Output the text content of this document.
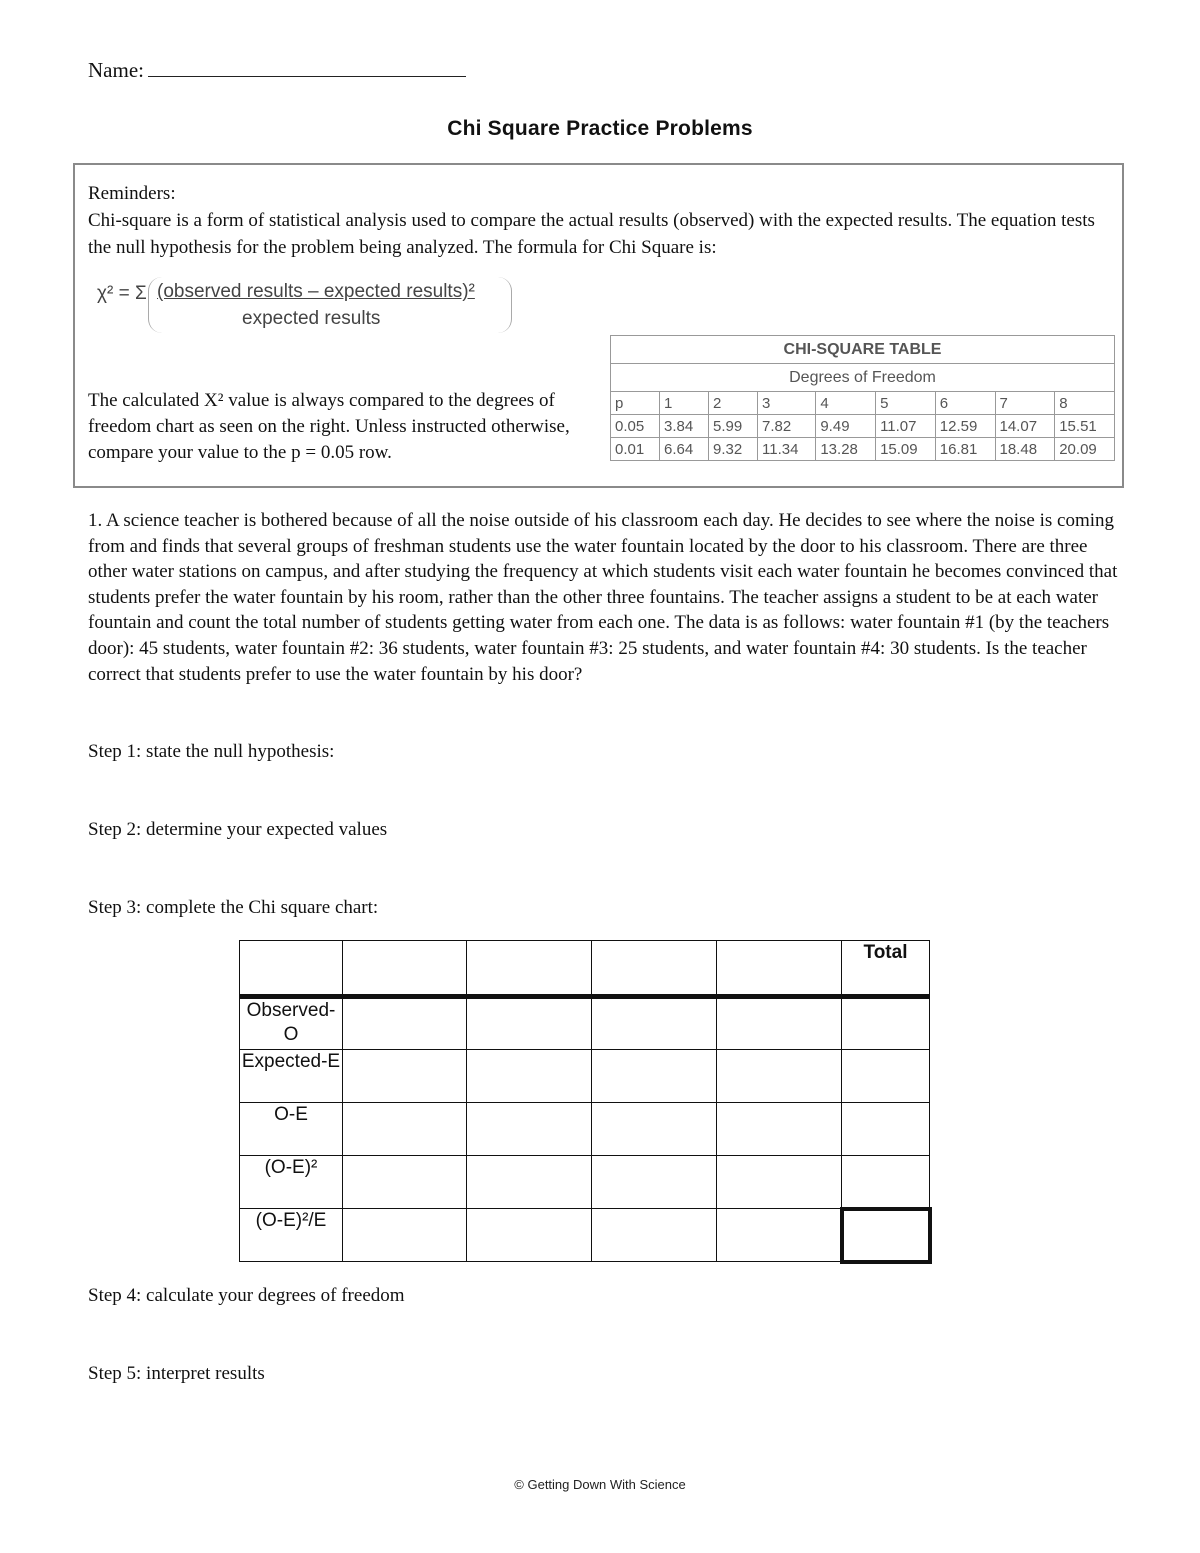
Name:
Chi Square Practice Problems
Reminders:
Chi-square is a form of statistical analysis used to compare the actual results (observed) with the expected results. The equation tests the null hypothesis for the problem being analyzed. The formula for Chi Square is:
χ² = Σ (observed results – expected results)²
expected results
The calculated X² value is always compared to the degrees of freedom chart as seen on the right. Unless instructed otherwise, compare your value to the p = 0.05 row.
CHI-SQUARE TABLE								
Degrees of Freedom								
p	1	2	3	4	5	6	7	8
0.05	3.84	5.99	7.82	9.49	11.07	12.59	14.07	15.51
0.01	6.64	9.32	11.34	13.28	15.09	16.81	18.48	20.09
1. A science teacher is bothered because of all the noise outside of his classroom each day. He decides to see where the noise is coming from and finds that several groups of freshman students use the water fountain located by the door to his classroom. There are three other water stations on campus, and after studying the frequency at which students visit each water fountain he becomes convinced that students prefer the water fountain by his room, rather than the other three fountains. The teacher assigns a student to be at each water fountain and count the total number of students getting water from each one. The data is as follows: water fountain #1 (by the teachers door): 45 students, water fountain #2: 36 students, water fountain #3: 25 students, and water fountain #4: 30 students. Is the teacher correct that students prefer to use the water fountain by his door?
Step 1: state the null hypothesis:
Step 2: determine your expected values
Step 3: complete the Chi square chart:
					Total
Observed-O					
Expected-E					
O-E					
(O-E)²					
(O-E)²/E					
Step 4: calculate your degrees of freedom
Step 5: interpret results
© Getting Down With Science
